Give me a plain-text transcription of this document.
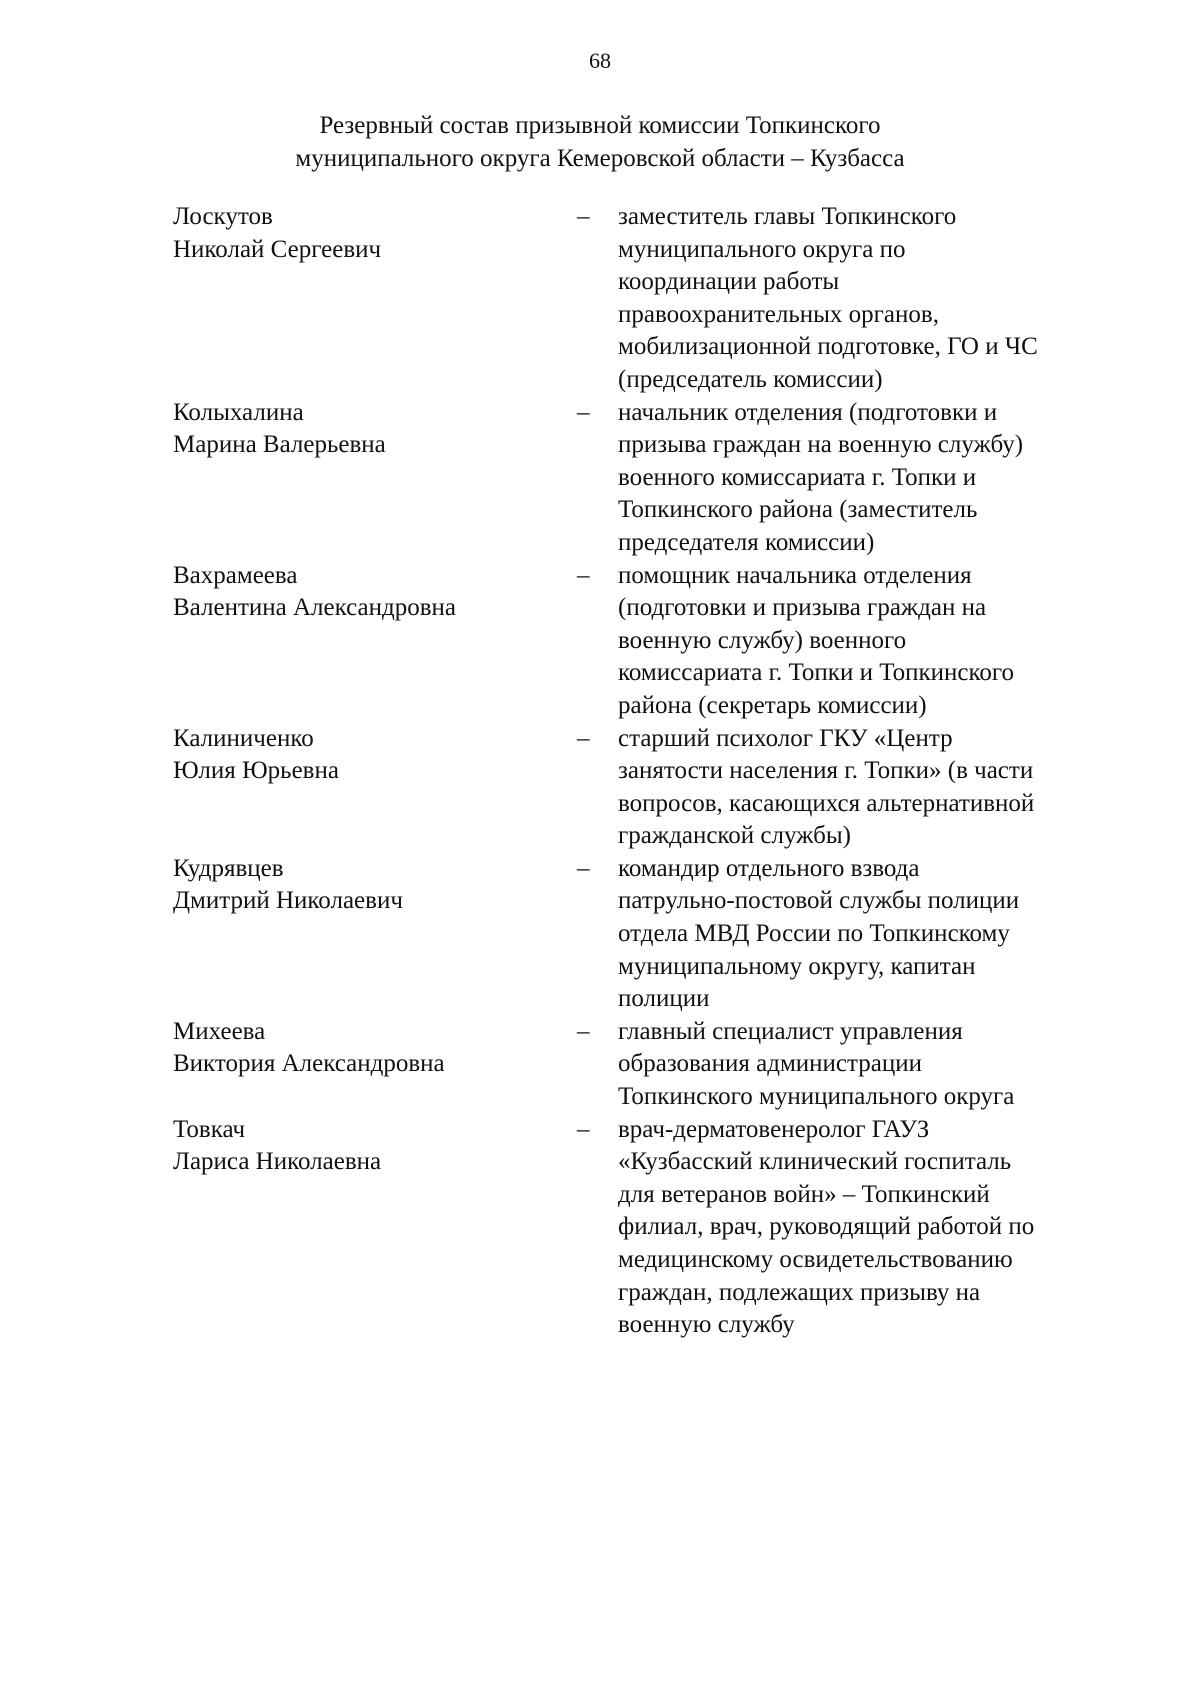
68
Резервный состав призывной комиссии Топкинского
муниципального округа Кемеровской области – Кузбасса
Лоскутов
Николай Сергеевич
– заместитель главы Топкинского
муниципального округа по
координации работы
правоохранительных органов,
мобилизационной подготовке, ГО и ЧС
(председатель комиссии)
Колыхалина
Марина Валерьевна
– начальник отделения (подготовки и
призыва граждан на военную службу)
военного комиссариата г. Топки и
Топкинского района (заместитель
председателя комиссии)
Вахрамеева
Валентина Александровна
– помощник начальника отделения
(подготовки и призыва граждан на
военную службу) военного
комиссариата г. Топки и Топкинского
района (секретарь комиссии)
Калиниченко
Юлия Юрьевна
– старший психолог ГКУ «Центр
занятости населения г. Топки» (в части
вопросов, касающихся альтернативной
гражданской службы)
Кудрявцев
Дмитрий Николаевич
– командир отдельного взвода
патрульно-постовой службы полиции
отдела МВД России по Топкинскому
муниципальному округу, капитан
полиции
Михеева
Виктория Александровна
– главный специалист управления
образования администрации
Топкинского муниципального округа
Товкач
Лариса Николаевна
– врач-дерматовенеролог ГАУЗ
«Кузбасский клинический госпиталь
для ветеранов войн» – Топкинский
филиал, врач, руководящий работой по
медицинскому освидетельствованию
граждан, подлежащих призыву на
военную службу
